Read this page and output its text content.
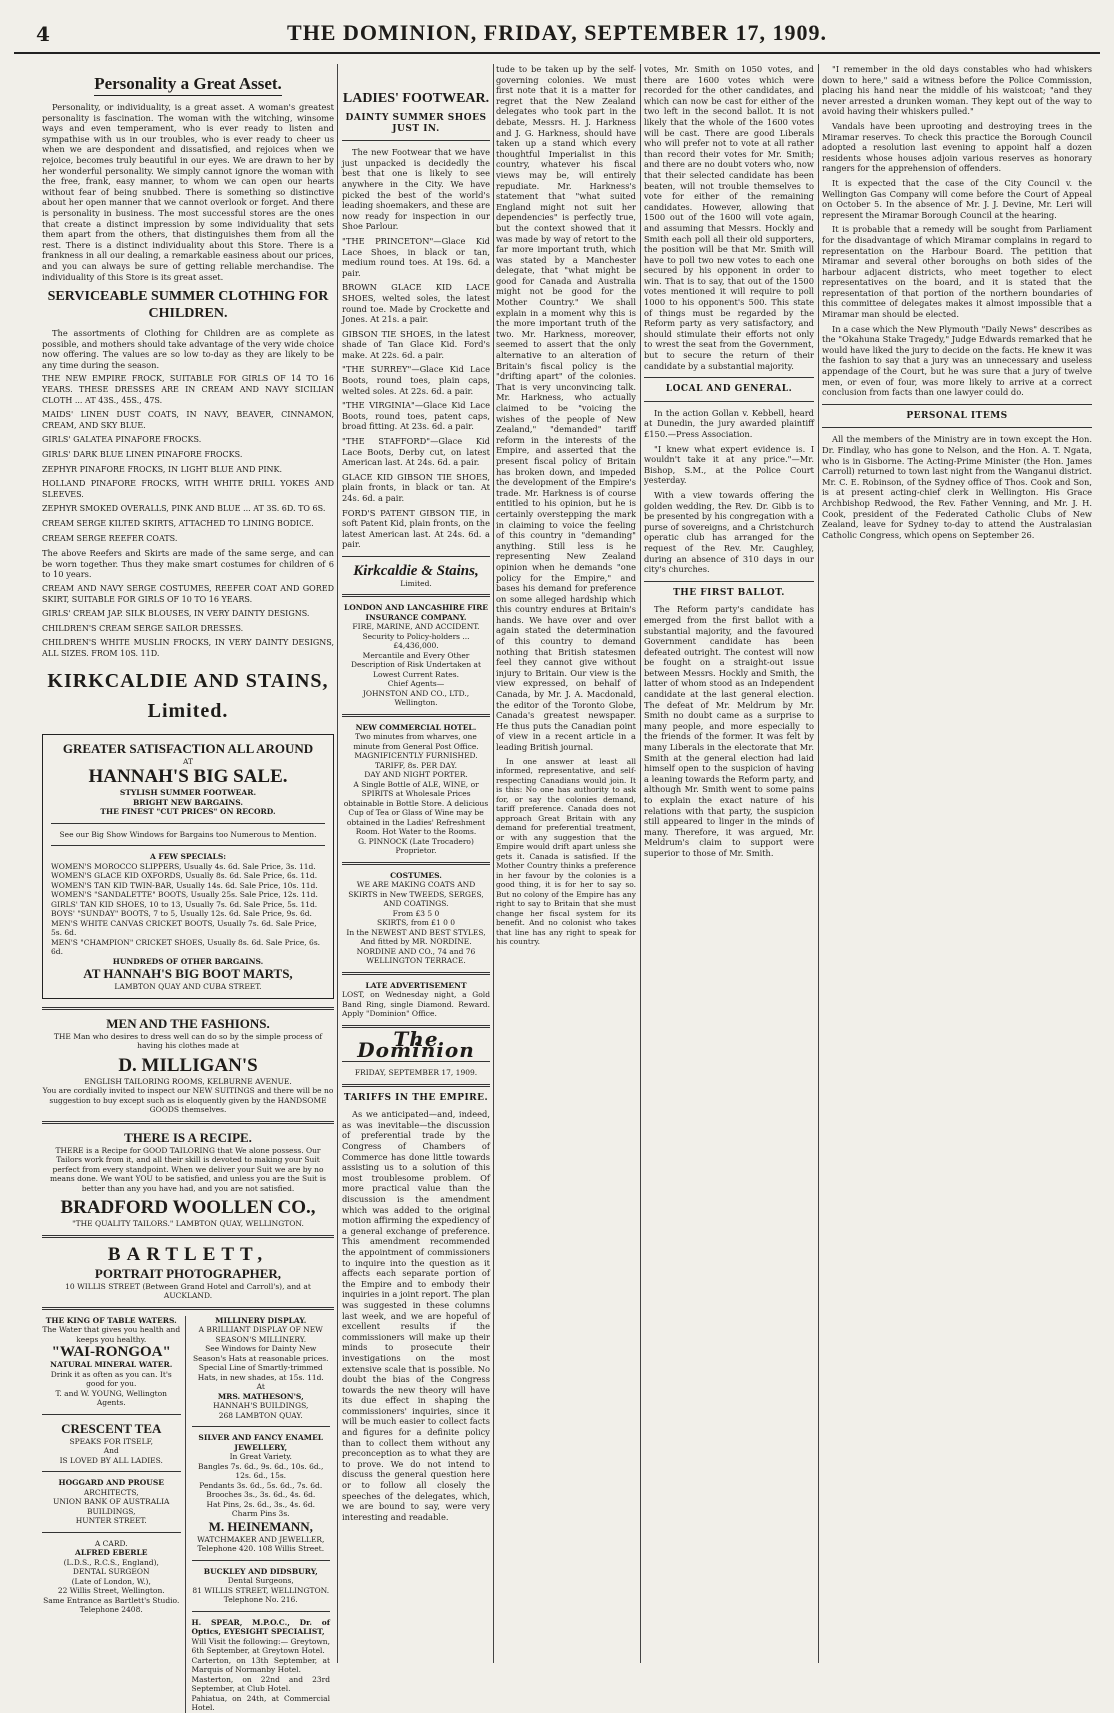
4	THE DOMINION, FRIDAY, SEPTEMBER 17, 1909.
Personality a Great Asset.

Personality, or individuality, is a great asset. A woman's greatest personality is fascination. The woman with the witching, winsome ways and even temperament, who is ever ready to listen and sympathise with us in our troubles, who is ever ready to cheer us when we are despondent and dissatisfied, and rejoices when we rejoice, becomes truly beautiful in our eyes. We are drawn to her by her wonderful personality. We simply cannot ignore the woman with the free, frank, easy manner, to whom we can open our hearts without fear of being snubbed. There is something so distinctive about her open manner that we cannot overlook or forget. And there is personality in business. The most successful stores are the ones that create a distinct impression by some individuality that sets them apart from the others, that distinguishes them from all the rest. There is a distinct individuality about this Store. There is a frankness in all our dealing, a remarkable easiness about our prices, and you can always be sure of getting reliable merchandise. The individuality of this Store is its great asset.

SERVICEABLE SUMMER CLOTHING FOR CHILDREN.

The assortments of Clothing for Children are as complete as possible, and mothers should take advantage of the very wide choice now offering. The values are so low to-day as they are likely to be any time during the season.

THE NEW EMPIRE FROCK, SUITABLE FOR GIRLS OF 14 TO 16 YEARS. THESE DRESSES ARE IN CREAM AND NAVY SICILIAN CLOTH ... AT 43S., 45S., 47S.

MAIDS' LINEN DUST COATS, IN NAVY, BEAVER, CINNAMON, CREAM, AND SKY BLUE.

GIRLS' GALATEA PINAFORE FROCKS.

GIRLS' DARK BLUE LINEN PINAFORE FROCKS.

ZEPHYR PINAFORE FROCKS, IN LIGHT BLUE AND PINK.

HOLLAND PINAFORE FROCKS, WITH WHITE DRILL YOKES AND SLEEVES.

ZEPHYR SMOKED OVERALLS, PINK AND BLUE ... AT 3S. 6D. TO 6S.

CREAM SERGE KILTED SKIRTS, ATTACHED TO LINING BODICE.

CREAM SERGE REEFER COATS.

The above Reefers and Skirts are made of the same serge, and can be worn together. Thus they make smart costumes for children of 6 to 10 years.

CREAM AND NAVY SERGE COSTUMES, REEFER COAT AND GORED SKIRT, SUITABLE FOR GIRLS OF 10 TO 16 YEARS.

GIRLS' CREAM JAP. SILK BLOUSES, IN VERY DAINTY DESIGNS.

CHILDREN'S CREAM SERGE SAILOR DRESSES.

CHILDREN'S WHITE MUSLIN FROCKS, IN VERY DAINTY DESIGNS, ALL SIZES. FROM 10S. 11D.

KIRKCALDIE AND STAINS, Limited.
GREATER SATISFACTION ALL AROUND
AT
HANNAH'S BIG SALE.
STYLISH SUMMER FOOTWEAR.
BRIGHT NEW BARGAINS.
THE FINEST "CUT PRICES" ON RECORD.
See our Big Show Windows for Bargains too Numerous to Mention.
A FEW SPECIALS:
WOMEN'S MOROCCO SLIPPERS, Usually 4s. 6d. Sale Price, 3s. 11d.
WOMEN'S GLACE KID OXFORDS, Usually 8s. 6d. Sale Price, 6s. 11d.
WOMEN'S TAN KID TWIN-BAR, Usually 14s. 6d. Sale Price, 10s. 11d.
WOMEN'S "SANDALETTE" BOOTS, Usually 25s. Sale Price, 12s. 11d.
GIRLS' TAN KID SHOES, 10 to 13, Usually 7s. 6d. Sale Price, 5s. 11d.
BOYS' "SUNDAY" BOOTS, 7 to 5, Usually 12s. 6d. Sale Price, 9s. 6d.
MEN'S WHITE CANVAS CRICKET BOOTS, Usually 7s. 6d. Sale Price, 5s. 6d.
MEN'S "CHAMPION" CRICKET SHOES, Usually 8s. 6d. Sale Price, 6s. 6d.
HUNDREDS OF OTHER BARGAINS.
AT HANNAH'S BIG BOOT MARTS,
LAMBTON QUAY AND CUBA STREET.
MEN AND THE FASHIONS.

THE Man who desires to dress well can do so by the simple process of having his clothes made at

D. MILLIGAN'S
ENGLISH TAILORING ROOMS, KELBURNE AVENUE.

You are cordially invited to inspect our NEW SUITINGS and there will be no suggestion to buy except such as is eloquently given by the HANDSOME GOODS themselves.

THERE IS A RECIPE.

THERE is a Recipe for GOOD TAILORING that We alone possess. Our Tailors work from it, and all their skill is devoted to making your Suit perfect from every standpoint. When we deliver your Suit we are by no means done. We want YOU to be satisfied, and unless you are the Suit is better than any you have had, and you are not satisfied.

BRADFORD WOOLLEN CO.,
"THE QUALITY TAILORS." LAMBTON QUAY, WELLINGTON.
BARTLETT,
PORTRAIT PHOTOGRAPHER,
10 WILLIS STREET (Between Grand Hotel and Carroll's), and at AUCKLAND.
THE KING OF TABLE WATERS.
The Water that gives you health and keeps you healthy.
"WAI-RONGOA"
NATURAL MINERAL WATER.
Drink it as often as you can. It's good for you.
T. and W. YOUNG, Wellington Agents.
CRESCENT TEA
SPEAKS FOR ITSELF,
And
IS LOVED BY ALL LADIES.
HOGGARD AND PROUSE
ARCHITECTS,
UNION BANK OF AUSTRALIA BUILDINGS,
HUNTER STREET.
A CARD.
ALFRED EBERLE
(L.D.S., R.C.S., England),
DENTAL SURGEON
(Late of London, W.),
22 Willis Street, Wellington.
Same Entrance as Bartlett's Studio. Telephone 2408.
MILLINERY DISPLAY.
A BRILLIANT DISPLAY OF NEW SEASON'S MILLINERY.
See Windows for Dainty New Season's Hats at reasonable prices.
Special Line of Smartly-trimmed Hats, in new shades, at 15s. 11d.
At
MRS. MATHESON'S,
HANNAH'S BUILDINGS,
268 LAMBTON QUAY.
SILVER AND FANCY ENAMEL JEWELLERY,
In Great Variety.
Bangles 7s. 6d., 9s. 6d., 10s. 6d., 12s. 6d., 15s.
Pendants 3s. 6d., 5s. 6d., 7s. 6d.
Brooches 3s., 3s. 6d., 4s. 6d.
Hat Pins, 2s. 6d., 3s., 4s. 6d.
Charm Pins 3s.
M. HEINEMANN,
WATCHMAKER AND JEWELLER,
Telephone 420. 108 Willis Street.
BUCKLEY AND DIDSBURY,
Dental Surgeons,
81 WILLIS STREET, WELLINGTON.
Telephone No. 216.
H. SPEAR, M.P.O.C., Dr. of Optics, EYESIGHT SPECIALIST,
Will Visit the following:— Greytown, 6th September, at Greytown Hotel.
Carterton, on 13th September, at Marquis of Normanby Hotel.
Masterton, on 22nd and 23rd September, at Club Hotel.
Pahiatua, on 24th, at Commercial Hotel.
LADIES' FOOTWEAR.
DAINTY SUMMER SHOES JUST IN.

The new Footwear that we have just unpacked is decidedly the best that one is likely to see anywhere in the City. We have picked the best of the world's leading shoemakers, and these are now ready for inspection in our Shoe Parlour.

"THE PRINCETON"—Glace Kid Lace Shoes, in black or tan, medium round toes. At 19s. 6d. a pair.

BROWN GLACE KID LACE SHOES, welted soles, the latest round toe. Made by Crockette and Jones. At 21s. a pair.

GIBSON TIE SHOES, in the latest shade of Tan Glace Kid. Ford's make. At 22s. 6d. a pair.

"THE SURREY"—Glace Kid Lace Boots, round toes, plain caps, welted soles. At 22s. 6d. a pair.

"THE VIRGINIA"—Glace Kid Lace Boots, round toes, patent caps, broad fitting. At 23s. 6d. a pair.

"THE STAFFORD"—Glace Kid Lace Boots, Derby cut, on latest American last. At 24s. 6d. a pair.

GLACE KID GIBSON TIE SHOES, plain fronts, in black or tan. At 24s. 6d. a pair.

FORD'S PATENT GIBSON TIE, in soft Patent Kid, plain fronts, on the latest American last. At 24s. 6d. a pair.

Kirkcaldie & Stains,
Limited.
LONDON AND LANCASHIRE FIRE INSURANCE COMPANY.
FIRE, MARINE, AND ACCIDENT.
Security to Policy-holders ... £4,436,000.
Mercantile and Every Other Description of Risk Undertaken at Lowest Current Rates.
Chief Agents—
JOHNSTON AND CO., LTD., Wellington.
NEW COMMERCIAL HOTEL.
Two minutes from wharves, one minute from General Post Office.
MAGNIFICENTLY FURNISHED. TARIFF, 8s. PER DAY.
DAY AND NIGHT PORTER.
A Single Bottle of ALE, WINE, or SPIRITS at Wholesale Prices obtainable in Bottle Store. A delicious Cup of Tea or Glass of Wine may be obtained in the Ladies' Refreshment Room. Hot Water to the Rooms.
G. PINNOCK (Late Trocadero) Proprietor.
COSTUMES.
WE ARE MAKING COATS AND SKIRTS in New TWEEDS, SERGES, AND COATINGS.
From £3 5 0
SKIRTS, from £1 0 0
In the NEWEST AND BEST STYLES, And fitted by MR. NORDINE.
NORDINE AND CO., 74 and 76 WELLINGTON TERRACE.
LATE ADVERTISEMENT

LOST, on Wednesday night, a Gold Band Ring, single Diamond. Reward. Apply "Dominion" Office.

The Dominion
FRIDAY, SEPTEMBER 17, 1909.
TARIFFS IN THE EMPIRE.

As we anticipated—and, indeed, as was inevitable—the discussion of preferential trade by the Congress of Chambers of Commerce has done little towards assisting us to a solution of this most troublesome problem. Of more practical value than the discussion is the amendment which was added to the original motion affirming the expediency of a general exchange of preference. This amendment recommended the appointment of commissioners to inquire into the question as it affects each separate portion of the Empire and to embody their inquiries in a joint report. The plan was suggested in these columns last week, and we are hopeful of excellent results if the commissioners will make up their minds to prosecute their investigations on the most extensive scale that is possible. No doubt the bias of the Congress towards the new theory will have its due effect in shaping the commissioners' inquiries, since it will be much easier to collect facts and figures for a definite policy than to collect them without any preconception as to what they are to prove. We do not intend to discuss the general question here or to follow all closely the speeches of the delegates, which, we are bound to say, were very interesting and readable.

tude to be taken up by the self-governing colonies. We must first note that it is a matter for regret that the New Zealand delegates who took part in the debate, Messrs. H. J. Harkness and J. G. Harkness, should have taken up a stand which every thoughtful Imperialist in this country, whatever his fiscal views may be, will entirely repudiate. Mr. Harkness's statement that "what suited England might not suit her dependencies" is perfectly true, but the context showed that it was made by way of retort to the far more important truth, which was stated by a Manchester delegate, that "what might be good for Canada and Australia might not be good for the Mother Country." We shall explain in a moment why this is the more important truth of the two. Mr. Harkness, moreover, seemed to assert that the only alternative to an alteration of Britain's fiscal policy is the "drifting apart" of the colonies. That is very unconvincing talk. Mr. Harkness, who actually claimed to be "voicing the wishes of the people of New Zealand," "demanded" tariff reform in the interests of the Empire, and asserted that the present fiscal policy of Britain has broken down, and impeded the development of the Empire's trade. Mr. Harkness is of course entitled to his opinion, but he is certainly overstepping the mark in claiming to voice the feeling of this country in "demanding" anything. Still less is he representing New Zealand opinion when he demands "one policy for the Empire," and bases his demand for preference on some alleged hardship which this country endures at Britain's hands. We have over and over again stated the determination of this country to demand nothing that British statesmen feel they cannot give without injury to Britain. Our view is the view expressed, on behalf of Canada, by Mr. J. A. Macdonald, the editor of the Toronto Globe, Canada's greatest newspaper. He thus puts the Canadian point of view in a recent article in a leading British journal.

In one answer at least all informed, representative, and self-respecting Canadians would join. It is this: No one has authority to ask for, or say the colonies demand, tariff preference. Canada does not approach Great Britain with any demand for preferential treatment, or with any suggestion that the Empire would drift apart unless she gets it. Canada is satisfied. If the Mother Country thinks a preference in her favour by the colonies is a good thing, it is for her to say so. But no colony of the Empire has any right to say to Britain that she must change her fiscal system for its benefit. And no colonist who takes that line has any right to speak for his country.

votes, Mr. Smith on 1050 votes, and there are 1600 votes which were recorded for the other candidates, and which can now be cast for either of the two left in the second ballot. It is not likely that the whole of the 1600 votes will be cast. There are good Liberals who will prefer not to vote at all rather than record their votes for Mr. Smith; and there are no doubt voters who, now that their selected candidate has been beaten, will not trouble themselves to vote for either of the remaining candidates. However, allowing that 1500 out of the 1600 will vote again, and assuming that Messrs. Hockly and Smith each poll all their old supporters, the position will be that Mr. Smith will have to poll two new votes to each one secured by his opponent in order to win. That is to say, that out of the 1500 votes mentioned it will require to poll 1000 to his opponent's 500. This state of things must be regarded by the Reform party as very satisfactory, and should stimulate their efforts not only to wrest the seat from the Government, but to secure the return of their candidate by a substantial majority.

LOCAL AND GENERAL.

In the action Gollan v. Kebbell, heard at Dunedin, the jury awarded plaintiff £150.—Press Association.

"I knew what expert evidence is. I wouldn't take it at any price."—Mr. Bishop, S.M., at the Police Court yesterday.

With a view towards offering the golden wedding, the Rev. Dr. Gibb is to be presented by his congregation with a purse of sovereigns, and a Christchurch operatic club has arranged for the request of the Rev. Mr. Caughley, during an absence of 310 days in our city's churches.

THE FIRST BALLOT.

The Reform party's candidate has emerged from the first ballot with a substantial majority, and the favoured Government candidate has been defeated outright. The contest will now be fought on a straight-out issue between Messrs. Hockly and Smith, the latter of whom stood as an Independent candidate at the last general election. The defeat of Mr. Meldrum by Mr. Smith no doubt came as a surprise to many people, and more especially to the friends of the former. It was felt by many Liberals in the electorate that Mr. Smith at the general election had laid himself open to the suspicion of having a leaning towards the Reform party, and although Mr. Smith went to some pains to explain the exact nature of his relations with that party, the suspicion still appeared to linger in the minds of many. Therefore, it was argued, Mr. Meldrum's claim to support were superior to those of Mr. Smith.

"I remember in the old days constables who had whiskers down to here," said a witness before the Police Commission, placing his hand near the middle of his waistcoat; "and they never arrested a drunken woman. They kept out of the way to avoid having their whiskers pulled."

Vandals have been uprooting and destroying trees in the Miramar reserves. To check this practice the Borough Council adopted a resolution last evening to appoint half a dozen residents whose houses adjoin various reserves as honorary rangers for the apprehension of offenders.

It is expected that the case of the City Council v. the Wellington Gas Company will come before the Court of Appeal on October 5. In the absence of Mr. J. J. Devine, Mr. Leri will represent the Miramar Borough Council at the hearing.

It is probable that a remedy will be sought from Parliament for the disadvantage of which Miramar complains in regard to representation on the Harbour Board. The petition that Miramar and several other boroughs on both sides of the harbour adjacent districts, who meet together to elect representatives on the board, and it is stated that the representation of that portion of the northern boundaries of this committee of delegates makes it almost impossible that a Miramar man should be elected.

In a case which the New Plymouth "Daily News" describes as the "Okahuna Stake Tragedy," Judge Edwards remarked that he would have liked the jury to decide on the facts. He knew it was the fashion to say that a jury was an unnecessary and useless appendage of the Court, but he was sure that a jury of twelve men, or even of four, was more likely to arrive at a correct conclusion from facts than one lawyer could do.

PERSONAL ITEMS

All the members of the Ministry are in town except the Hon. Dr. Findlay, who has gone to Nelson, and the Hon. A. T. Ngata, who is in Gisborne. The Acting-Prime Minister (the Hon. James Carroll) returned to town last night from the Wanganui district. Mr. C. E. Robinson, of the Sydney office of Thos. Cook and Son, is at present acting-chief clerk in Wellington. His Grace Archbishop Redwood, the Rev. Father Venning, and Mr. J. H. Cook, president of the Federated Catholic Clubs of New Zealand, leave for Sydney to-day to attend the Australasian Catholic Congress, which opens on September 26.
